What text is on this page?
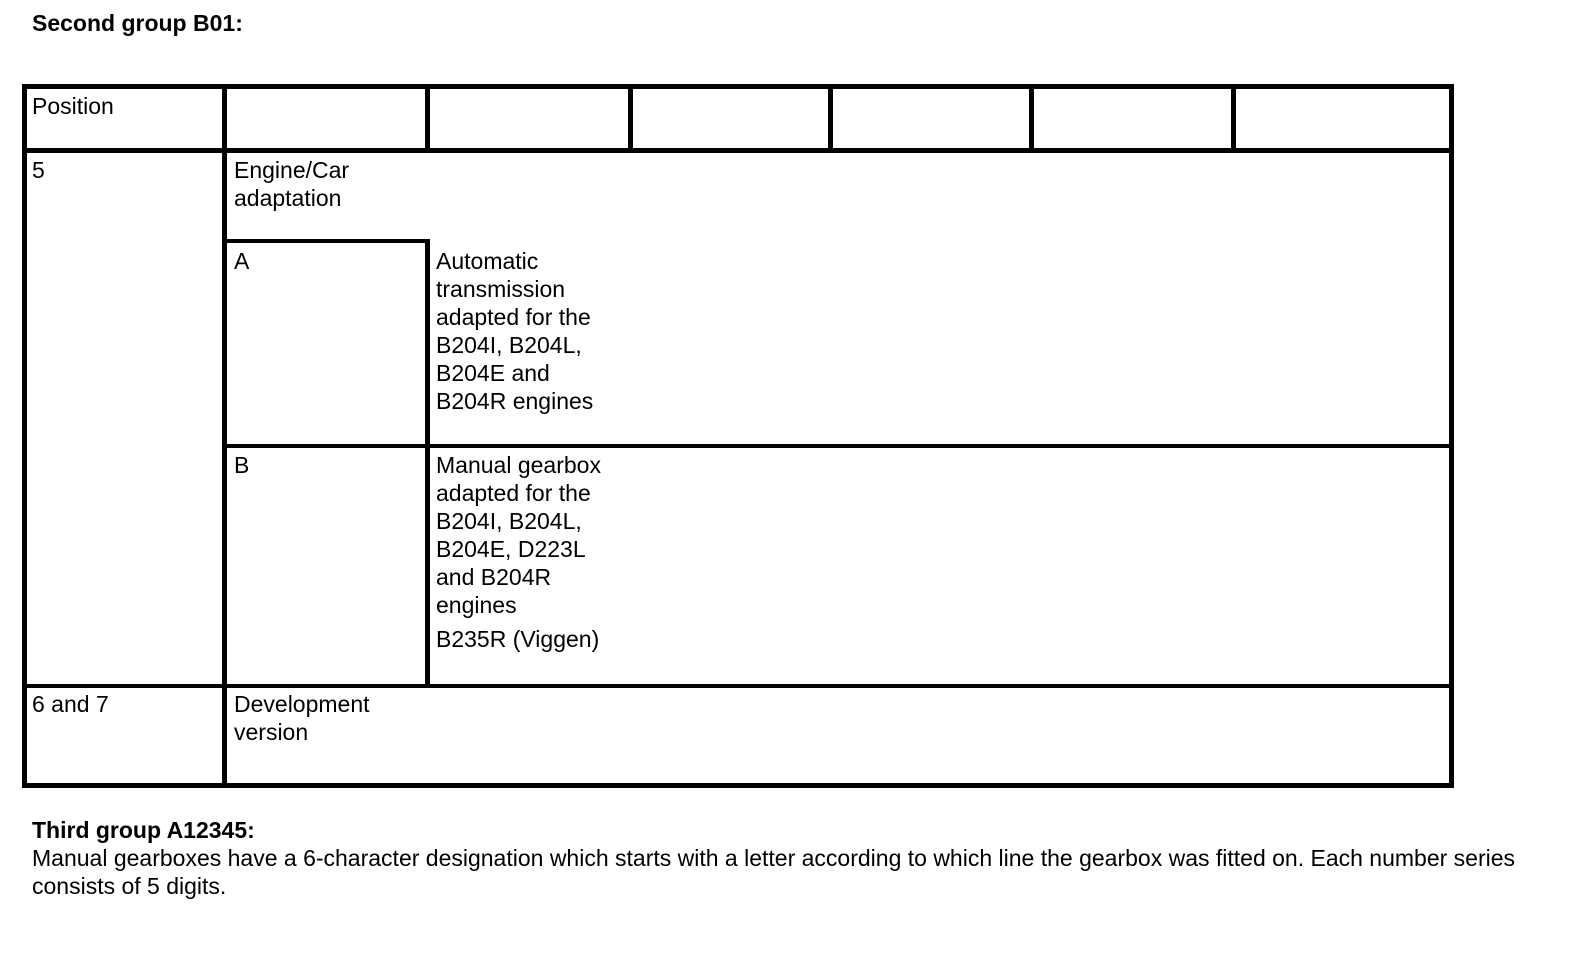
Second group B01:
Position
5	Engine/Car
adaptation
A	Automatic
transmission
adapted for the
B204I, B204L,
B204E and
B204R engines
B	Manual gearbox
adapted for the
B204I, B204L,
B204E, D223L
and B204R
engines
B235R (Viggen)
6 and 7	Development
version
Third group A12345:
Manual gearboxes have a 6-character designation which starts with a letter according to which line the gearbox was fitted on. Each number series consists of 5 digits.
